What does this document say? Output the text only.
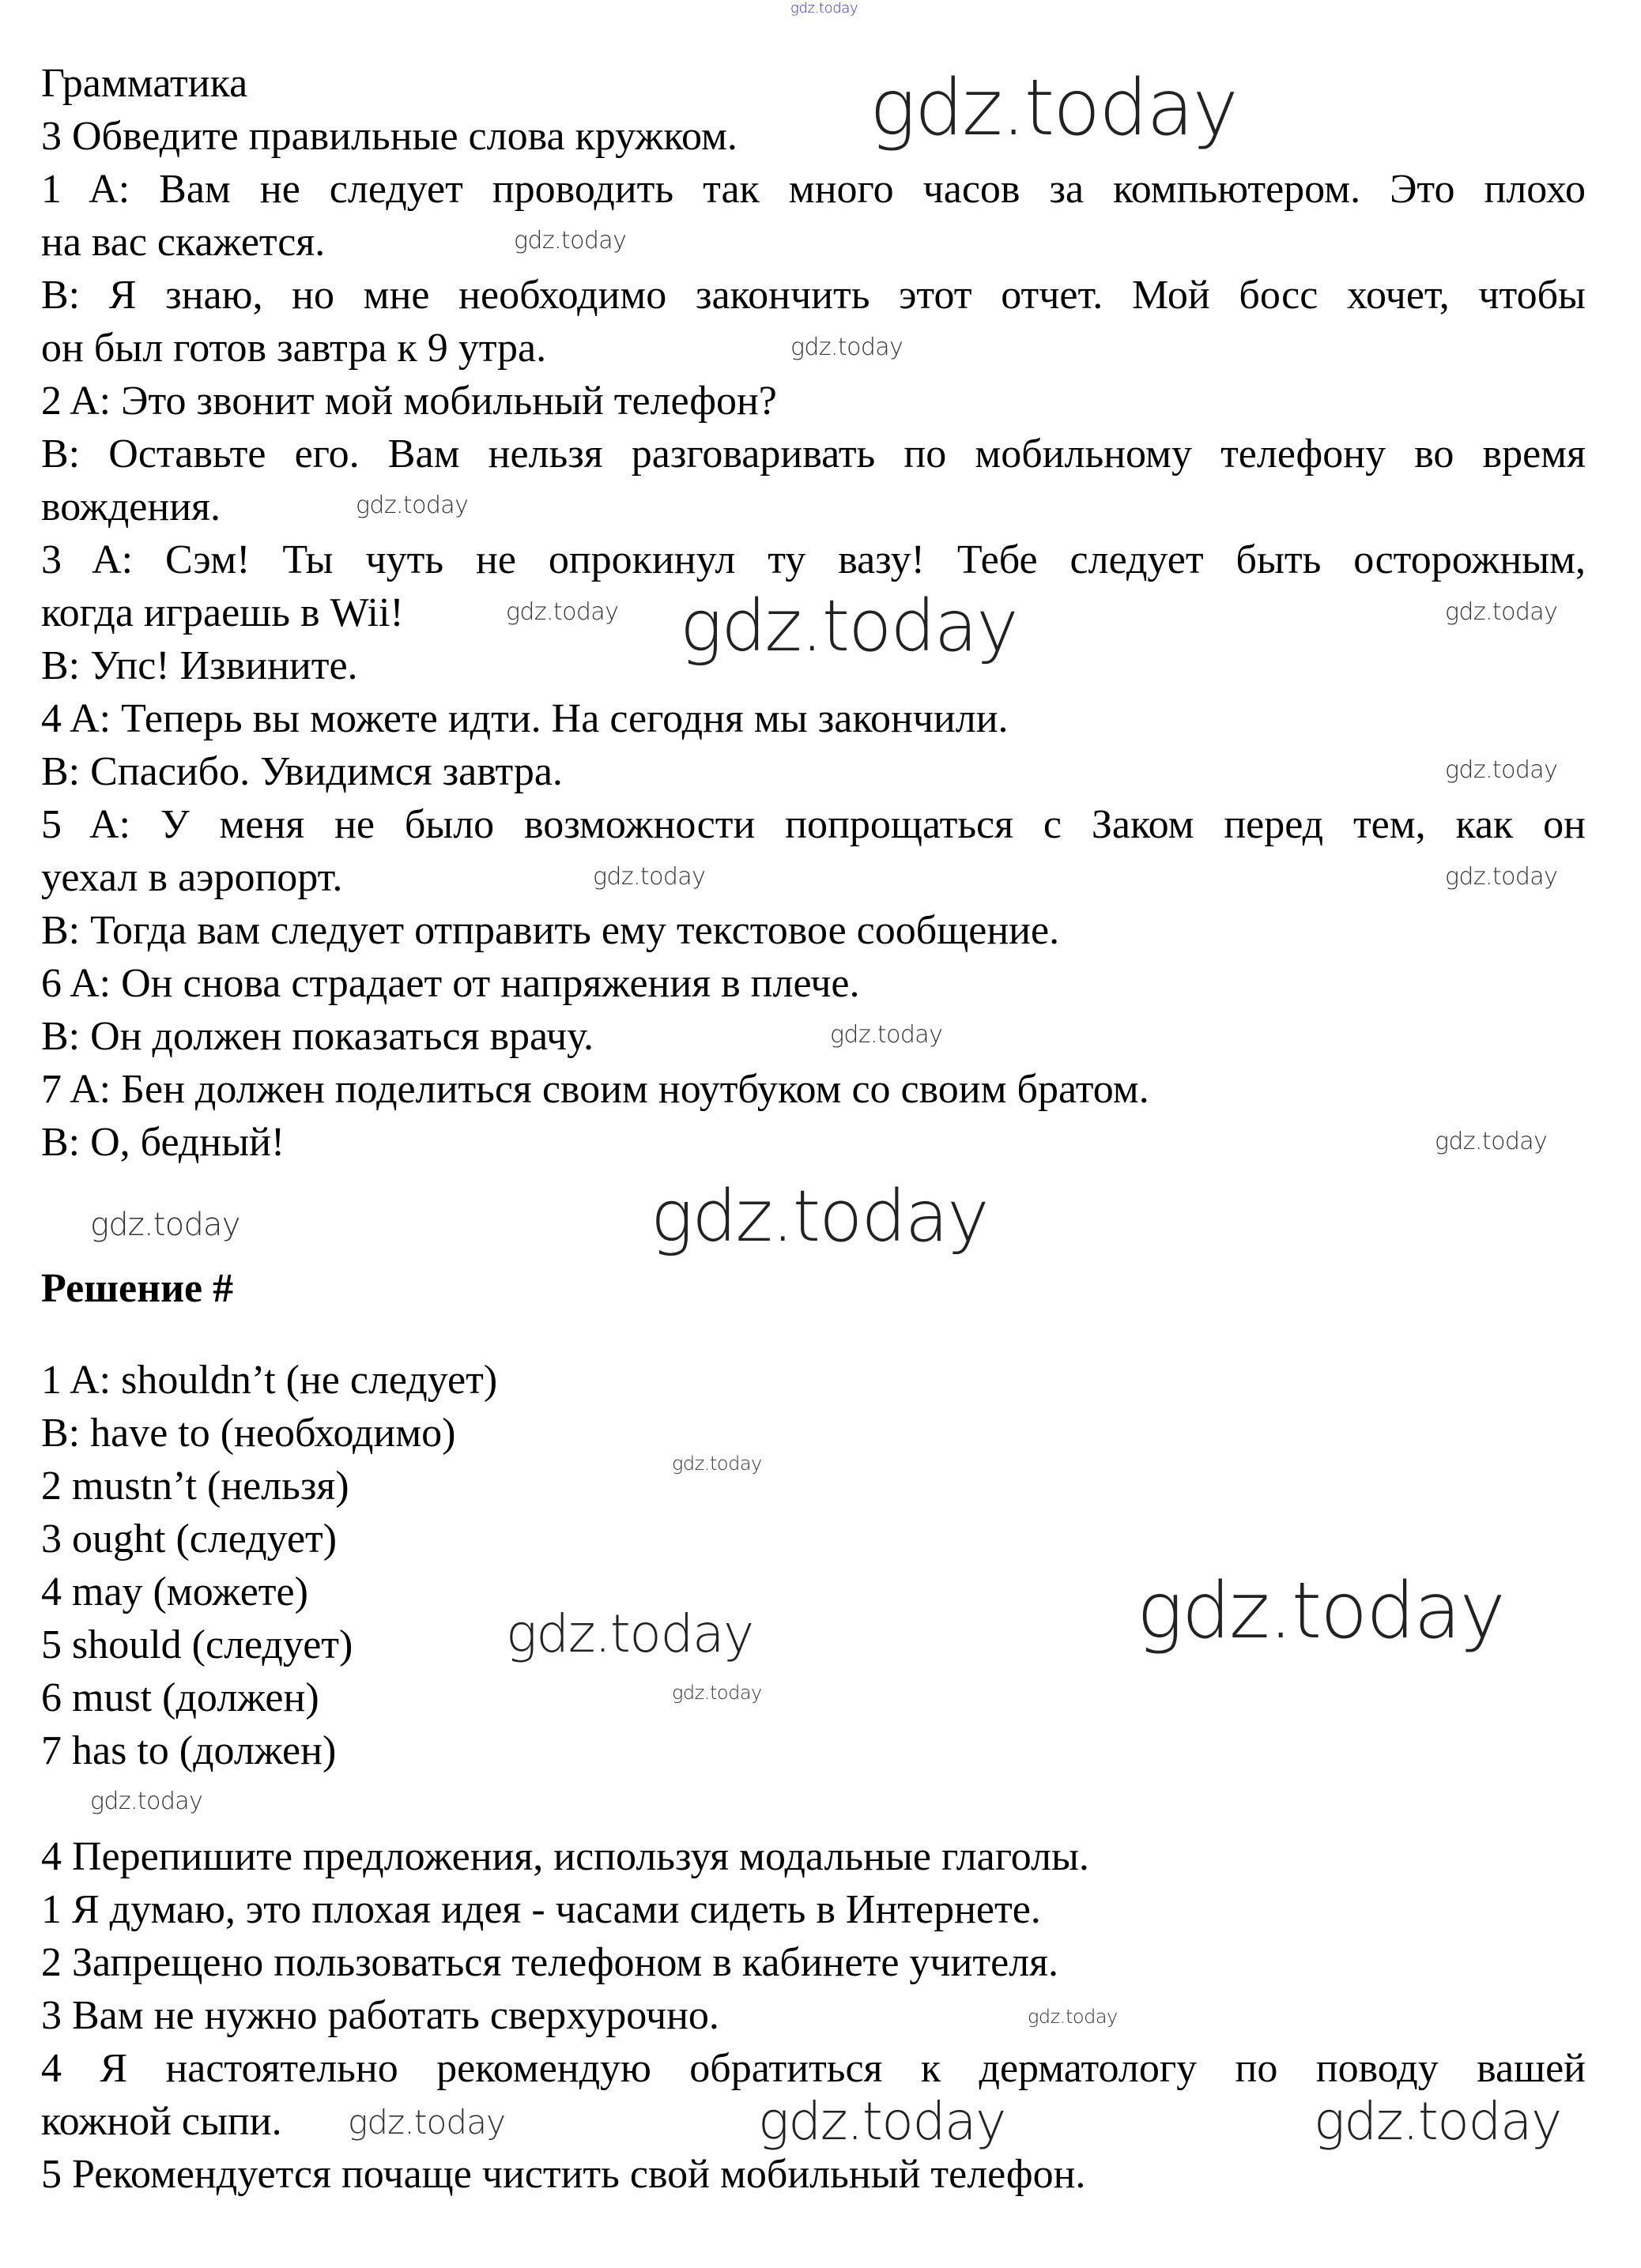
Грамматика
3 Обведите правильные слова кружком.
1 A: Вам не следует проводить так много часов за компьютером. Это плохо
на вас скажется.
B: Я знаю, но мне необходимо закончить этот отчет. Мой босс хочет, чтобы
он был готов завтра к 9 утра.
2 A: Это звонит мой мобильный телефон?
B: Оставьте его. Вам нельзя разговаривать по мобильному телефону во время
вождения.
3 A: Сэм! Ты чуть не опрокинул ту вазу! Тебе следует быть осторожным,
когда играешь в Wii!
B: Упс! Извините.
4 A: Теперь вы можете идти. На сегодня мы закончили.
B: Спасибо. Увидимся завтра.
5 A: У меня не было возможности попрощаться с Заком перед тем, как он
уехал в аэропорт.
B: Тогда вам следует отправить ему текстовое сообщение.
6 A: Он снова страдает от напряжения в плече.
B: Он должен показаться врачу.
7 A: Бен должен поделиться своим ноутбуком со своим братом.
B: О, бедный!
Решение #
1 A: shouldn’t (не следует)
B: have to (необходимо)
2 mustn’t (нельзя)
3 ought (следует)
4 may (можете)
5 should (следует)
6 must (должен)
7 has to (должен)
4 Перепишите предложения, используя модальные глаголы.
1 Я думаю, это плохая идея - часами сидеть в Интернете.
2 Запрещено пользоваться телефоном в кабинете учителя.
3 Вам не нужно работать сверхурочно.
4 Я настоятельно рекомендую обратиться к дерматологу по поводу вашей
кожной сыпи.
5 Рекомендуется почаще чистить свой мобильный телефон.
gdz.today
gdz.today
gdz.today
gdz.today
gdz.today
gdz.today	gdz.today
gdz.today
gdz.today
gdz.today	gdz.today
gdz.today
gdz.today
gdz.today
gdz.today
gdz.today
gdz.today	gdz.today
gdz.today
gdz.today
gdz.today
gdz.today	gdz.today	gdz.today
